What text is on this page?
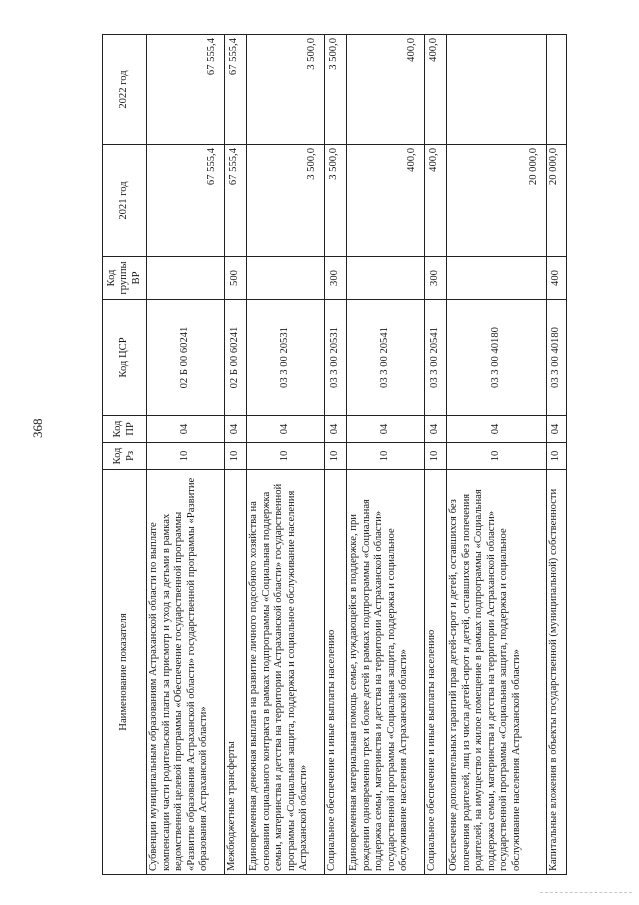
368
Наименование показателя	Код Рз	Код ПР	Код ЦСР	Код группы ВР	2021 год	2022 год
Субвенции муниципальным образованиям Астраханской области по выплате компенсации части родительской платы за присмотр и уход за детьми в рамках ведомственной целевой программы «Обеспечение государственной программы «Развитие образования Астраханской области» государственной программы «Развитие образования Астраханской области»	10	04	02 Б 00 60241		67 555,4	67 555,4
Межбюджетные трансферты	10	04	02 Б 00 60241	500	67 555,4	67 555,4
Единовременная денежная выплата на развитие личного подсобного хозяйства на основании социального контракта в рамках подпрограммы «Социальная поддержка семьи, материнства и детства на территории Астраханской области» государственной программы «Социальная защита, поддержка и социальное обслуживание населения Астраханской области»	10	04	03 3 00 20531		3 500,0	3 500,0
Социальное обеспечение и иные выплаты населению	10	04	03 3 00 20531	300	3 500,0	3 500,0
Единовременная материальная помощь семье, нуждающейся в поддержке, при рождении одновременно трех и более детей в рамках подпрограммы «Социальная поддержка семьи, материнства и детства на территории Астраханской области» государственной программы «Социальная защита, поддержка и социальное обслуживание населения Астраханской области»	10	04	03 3 00 20541		400,0	400,0
Социальное обеспечение и иные выплаты населению	10	04	03 3 00 20541	300	400,0	400,0
Обеспечение дополнительных гарантий прав детей-сирот и детей, оставшихся без попечения родителей, лиц из числа детей-сирот и детей, оставшихся без попечения родителей, на имущество и жилое помещение в рамках подпрограммы «Социальная поддержка семьи, материнства и детства на территории Астраханской области» государственной программы «Социальная защита, поддержка и социальное обслуживание населения Астраханской области»	10	04	03 3 00 40180		20 000,0	
Капитальные вложения в объекты государственной (муниципальной) собственности	10	04	03 3 00 40180	400	20 000,0	
